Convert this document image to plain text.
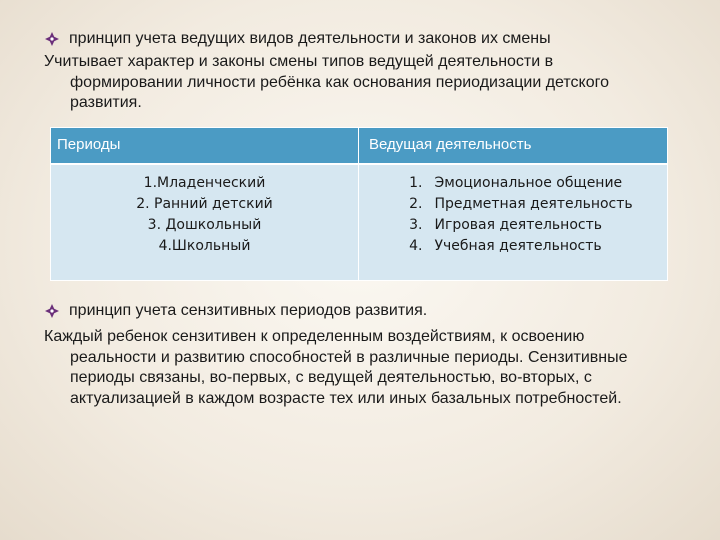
принцип учета ведущих видов деятельности и законов их смены
Учитывает характер и законы смены типов ведущей деятельности в
формировании личности ребёнка как основания периодизации детского развития.
Периоды	Ведущая деятельность
1.Младенческий
2. Ранний детский
3. Дошкольный
4.Школьный
1. Эмоциональное общение
2. Предметная деятельность
3. Игровая деятельность
4. Учебная деятельность
принцип учета сензитивных периодов развития.
Каждый ребенок сензитивен к определенным воздействиям, к освоению
реальности и развитию способностей в различные периоды. Сензитивные периоды связаны, во-первых, с ведущей деятельностью, во-вторых, с актуализацией в каждом возрасте тех или иных базальных потребностей.
